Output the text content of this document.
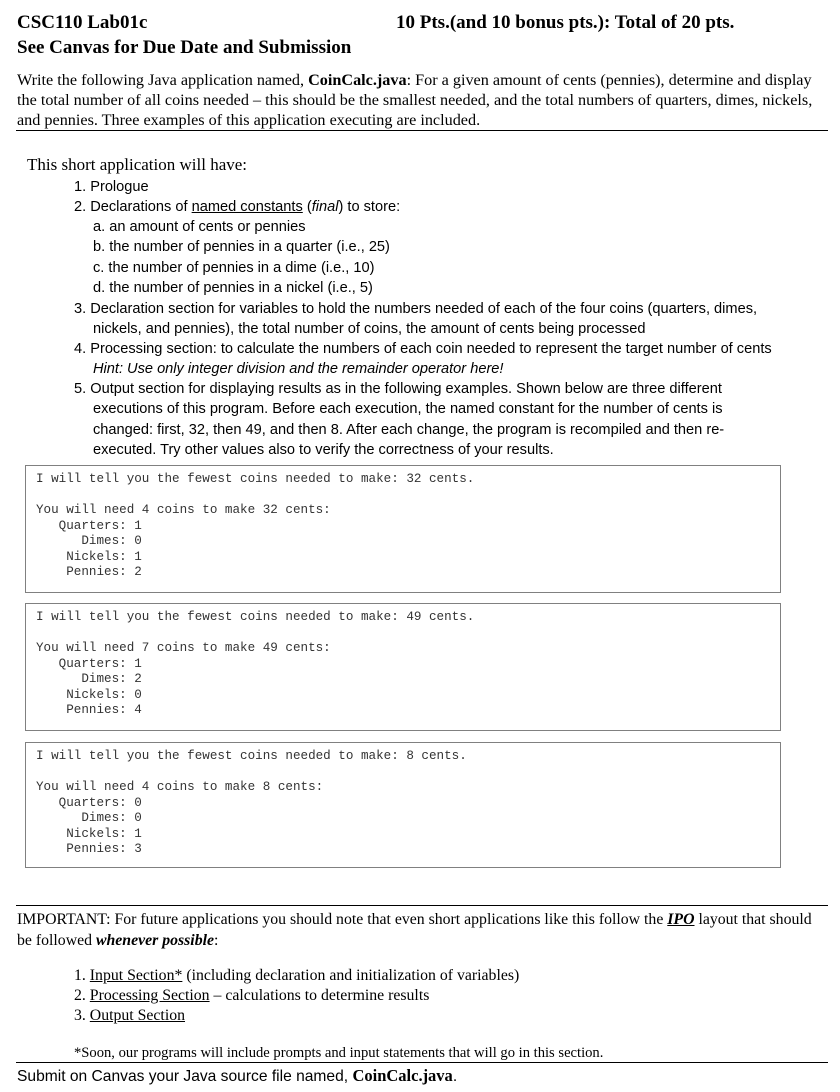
CSC110 Lab01c	10 Pts.(and 10 bonus pts.): Total of 20 pts.
See Canvas for Due Date and Submission
Write the following Java application named, CoinCalc.java: For a given amount of cents (pennies), determine and display the total number of all coins needed – this should be the smallest needed, and the total numbers of quarters, dimes, nickels, and pennies. Three examples of this application executing are included.
This short application will have:
1. Prologue
2. Declarations of named constants (final) to store:
a. an amount of cents or pennies
b. the number of pennies in a quarter (i.e., 25)
c. the number of pennies in a dime (i.e., 10)
d. the number of pennies in a nickel (i.e., 5)
3. Declaration section for variables to hold the numbers needed of each of the four coins (quarters, dimes,
nickels, and pennies), the total number of coins, the amount of cents being processed
4. Processing section: to calculate the numbers of each coin needed to represent the target number of cents
Hint: Use only integer division and the remainder operator here!
5. Output section for displaying results as in the following examples. Shown below are three different
executions of this program. Before each execution, the named constant for the number of cents is
changed: first, 32, then 49, and then 8. After each change, the program is recompiled and then re-
executed. Try other values also to verify the correctness of your results.
I will tell you the fewest coins needed to make: 32 cents.
You will need 4 coins to make 32 cents:
Quarters: 1
Dimes: 0
Nickels: 1
Pennies: 2
I will tell you the fewest coins needed to make: 49 cents.
You will need 7 coins to make 49 cents:
Quarters: 1
Dimes: 2
Nickels: 0
Pennies: 4
I will tell you the fewest coins needed to make: 8 cents.
You will need 4 coins to make 8 cents:
Quarters: 0
Dimes: 0
Nickels: 1
Pennies: 3
IMPORTANT: For future applications you should note that even short applications like this follow the IPO layout that should be followed whenever possible:
1. Input Section* (including declaration and initialization of variables)
2. Processing Section – calculations to determine results
3. Output Section
*Soon, our programs will include prompts and input statements that will go in this section.
Submit on Canvas your Java source file named, CoinCalc.java.
